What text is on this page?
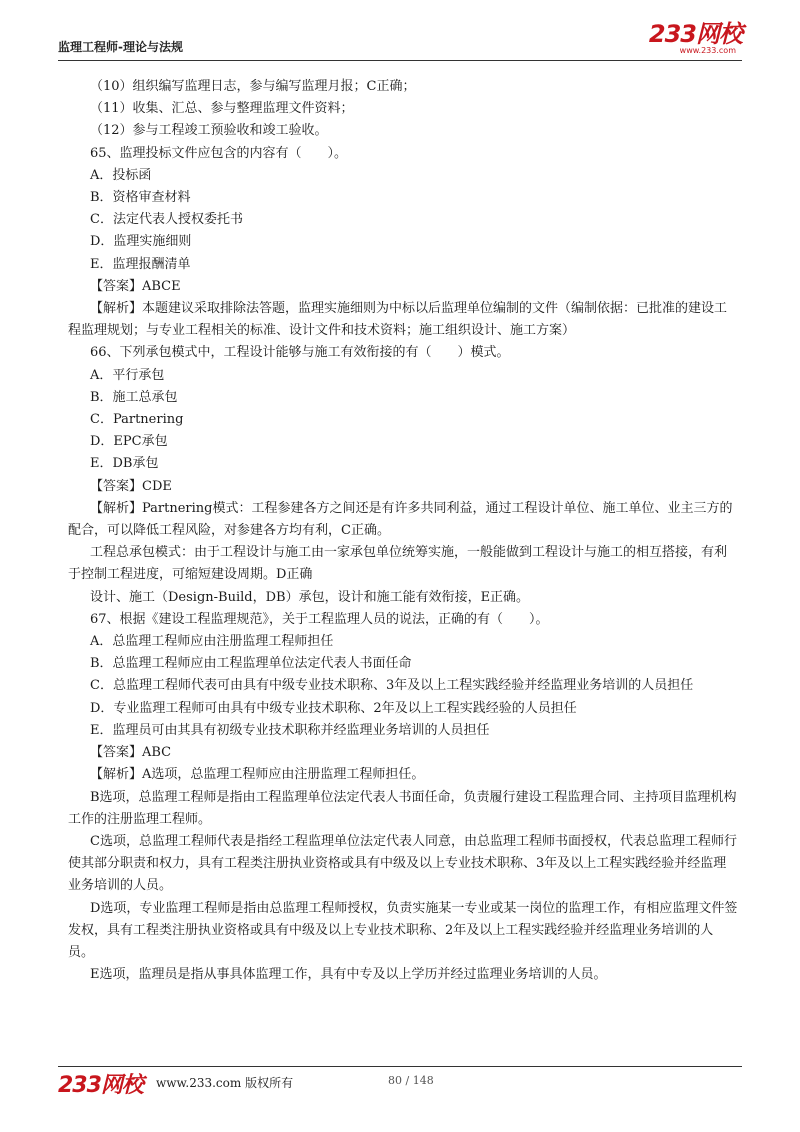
监理工程师-理论与法规	233网校
www.233.com
（10）组织编写监理日志，参与编写监理月报；C正确；
（11）收集、汇总、参与整理监理文件资料；
（12）参与工程竣工预验收和竣工验收。
65、监理投标文件应包含的内容有（　　）。
A．投标函
B．资格审查材料
C．法定代表人授权委托书
D．监理实施细则
E．监理报酬清单
【答案】ABCE
【解析】本题建议采取排除法答题，监理实施细则为中标以后监理单位编制的文件（编制依据：已批准的建设工程监理规划；与专业工程相关的标准、设计文件和技术资料；施工组织设计、施工方案）
66、下列承包模式中，工程设计能够与施工有效衔接的有（　　）模式。
A．平行承包
B．施工总承包
C．Partnering
D．EPC承包
E．DB承包
【答案】CDE
【解析】Partnering模式：工程参建各方之间还是有许多共同利益，通过工程设计单位、施工单位、业主三方的配合，可以降低工程风险，对参建各方均有利，C正确。
工程总承包模式：由于工程设计与施工由一家承包单位统筹实施，一般能做到工程设计与施工的相互搭接，有利于控制工程进度，可缩短建设周期。D正确
设计、施工（Design-Build，DB）承包，设计和施工能有效衔接，E正确。
67、根据《建设工程监理规范》，关于工程监理人员的说法，正确的有（　　）。
A．总监理工程师应由注册监理工程师担任
B．总监理工程师应由工程监理单位法定代表人书面任命
C．总监理工程师代表可由具有中级专业技术职称、3年及以上工程实践经验并经监理业务培训的人员担任
D．专业监理工程师可由具有中级专业技术职称、2年及以上工程实践经验的人员担任
E．监理员可由其具有初级专业技术职称并经监理业务培训的人员担任
【答案】ABC
【解析】A选项，总监理工程师应由注册监理工程师担任。
B选项，总监理工程师是指由工程监理单位法定代表人书面任命，负责履行建设工程监理合同、主持项目监理机构工作的注册监理工程师。
C选项，总监理工程师代表是指经工程监理单位法定代表人同意，由总监理工程师书面授权，代表总监理工程师行使其部分职责和权力，具有工程类注册执业资格或具有中级及以上专业技术职称、3年及以上工程实践经验并经监理业务培训的人员。
D选项，专业监理工程师是指由总监理工程师授权，负责实施某一专业或某一岗位的监理工作，有相应监理文件签发权，具有工程类注册执业资格或具有中级及以上专业技术职称、2年及以上工程实践经验并经监理业务培训的人员。
E选项，监理员是指从事具体监理工作，具有中专及以上学历并经过监理业务培训的人员。
233网校 www.233.com 版权所有	80 / 148
